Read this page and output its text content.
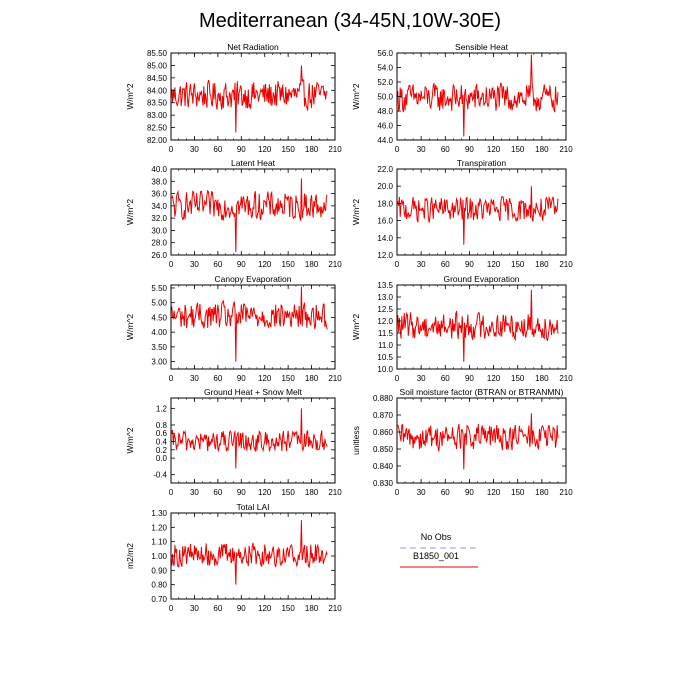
Mediterranean (34-45N,10W-30E)
Net Radiation
W/m^2
0 30 60 90 120 150 180 210
82.00
82.50
83.00
83.50
84.00
84.50
85.00
85.50
Sensible Heat
W/m^2
0 30 60 90 120 150 180 210
44.0
46.0
48.0
50.0
52.0
54.0
56.0
Latent Heat
W/m^2
0 30 60 90 120 150 180 210
26.0
28.0
30.0
32.0
34.0
36.0
38.0
40.0
Transpiration
W/m^2
0 30 60 90 120 150 180 210
12.0
14.0
16.0
18.0
20.0
22.0
Canopy Evaporation
W/m^2
0 30 60 90 120 150 180 210
3.00
3.50
4.00
4.50
5.00
5.50
Ground Evaporation
W/m^2
0 30 60 90 120 150 180 210
10.0
10.5
11.0
11.5
12.0
12.5
13.0
13.5
Ground Heat + Snow Melt
W/m^2
0 30 60 90 120 150 180 210
-0.4
0.0
0.2
0.4
0.6
0.8
1.2
Soil moisture factor (BTRAN or BTRANMN)
unitless
0 30 60 90 120 150 180 210
0.830
0.840
0.850
0.860
0.870
0.880
Total LAI
m2/m2
0 30 60 90 120 150 180 210
0.70
0.80
0.90
1.00
1.10
1.20
1.30
No Obs
B1850_001
